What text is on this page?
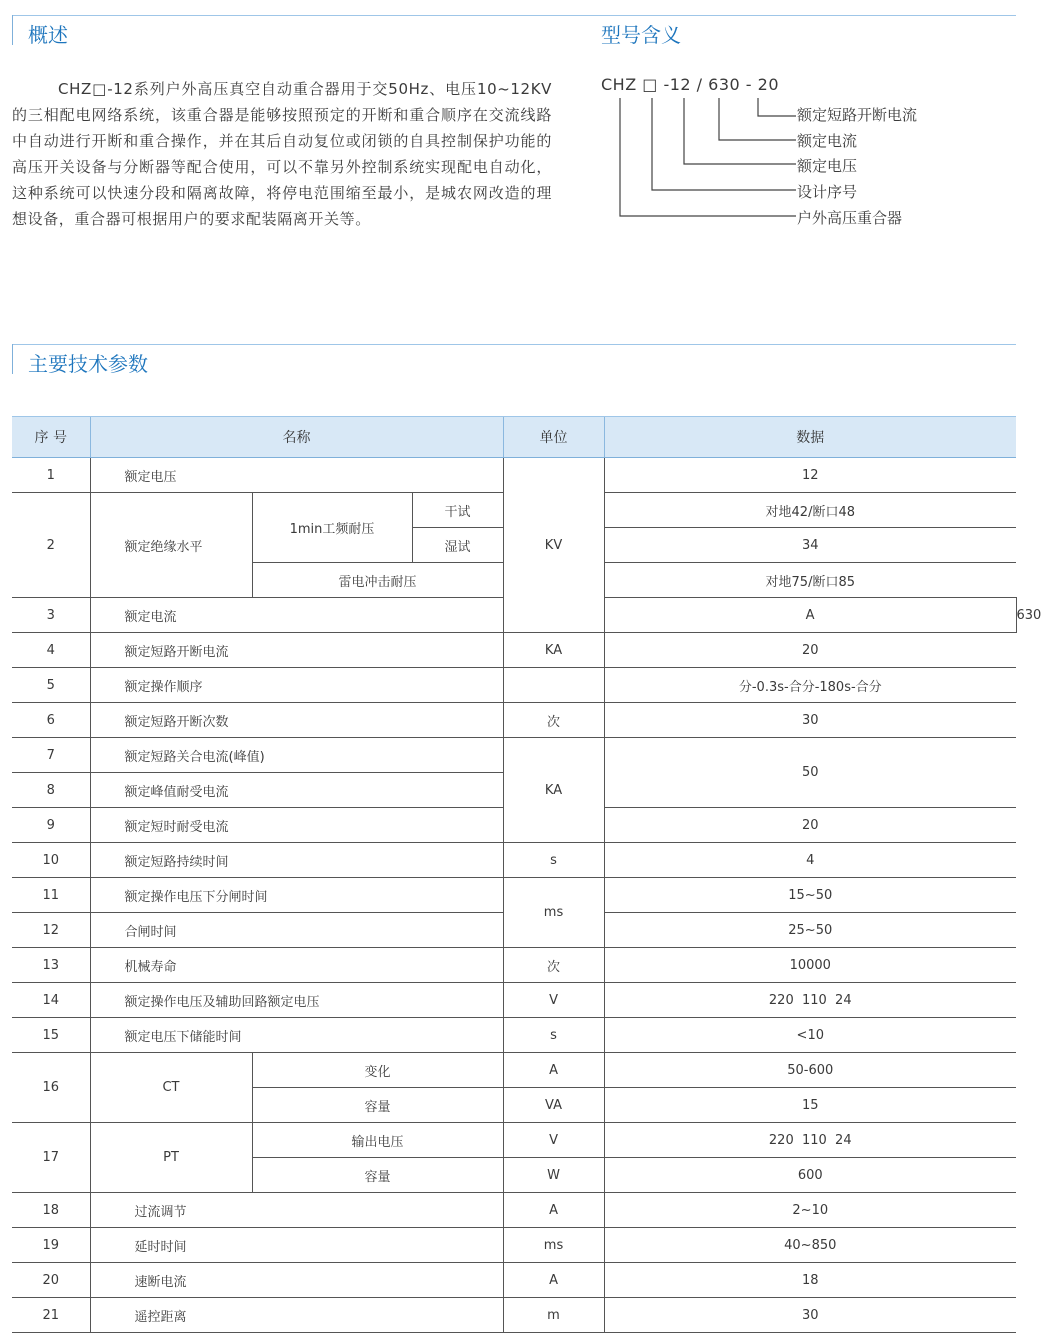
概述

CHZ□-12系列户外高压真空自动重合器用于交50Hz、电压10~12KV的三相配电网络系统，该重合器是能够按照预定的开断和重合顺序在交流线路中自动进行开断和重合操作，并在其后自动复位或闭锁的自具控制保护功能的高压开关设备与分断器等配合使用，可以不靠另外控制系统实现配电自动化，这种系统可以快速分段和隔离故障，将停电范围缩至最小，是城农网改造的理想设备，重合器可根据用户的要求配装隔离开关等。

型号含义
CHZ □ -12 / 630 - 20
额定短路开断电流
额定电流
额定电压
设计序号
户外高压重合器
主要技术参数
序 号	名称			单位	数据	
1	额定电压			KV	12	
2	额定绝缘水平	1min工频耐压	干试		对地42/断口48	
			湿试		34	
		雷电冲击耐压			对地75/断口85	
3	额定电流				A	630
4	额定短路开断电流			KA	20	
5	额定操作顺序				分-0.3s-合分-180s-合分	
6	额定短路开断次数			次	30	
7	额定短路关合电流(峰值)			KA	50	
8	额定峰值耐受电流					
9	额定短时耐受电流				20	
10	额定短路持续时间			s	4	
11	额定操作电压下分闸时间			ms	15~50	
12	合闸时间				25~50	
13	机械寿命			次	10000	
14	额定操作电压及辅助回路额定电压			V	220  110  24	
15	额定电压下储能时间			s	<10	
16	CT	变化		A	50-600	
		容量		VA	15	
17	PT	输出电压		V	220  110  24	
		容量		W	600	
18	过流调节			A	2~10	
19	延时时间			ms	40~850	
20	速断电流			A	18	
21	遥控距离			m	30	
